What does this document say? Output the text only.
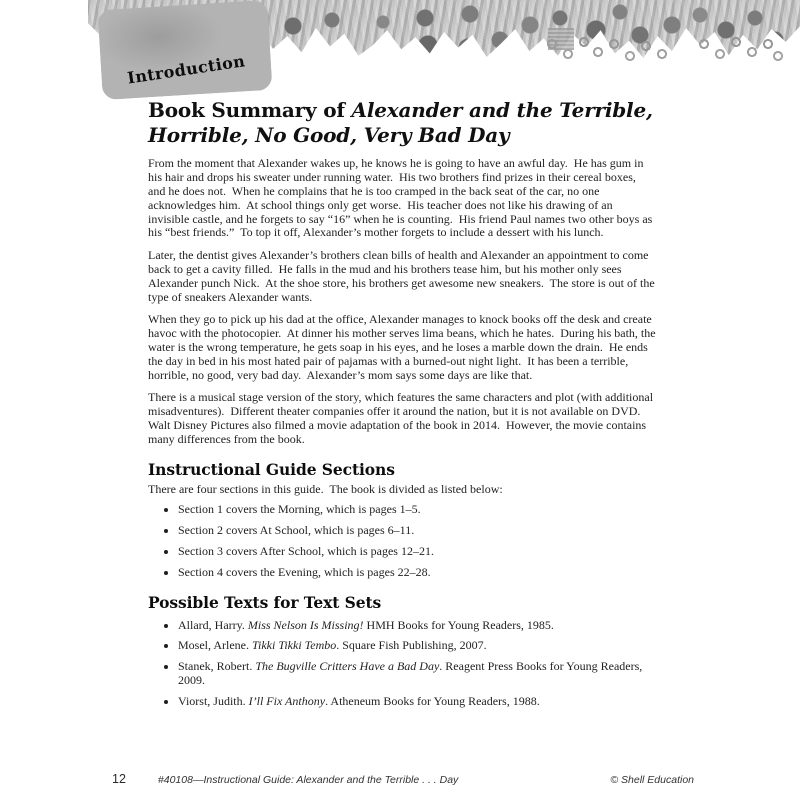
Introduction
Book Summary of Alexander and the Terrible, Horrible, No Good, Very Bad Day

From the moment that Alexander wakes up, he knows he is going to have an awful day.  He has gum in his hair and drops his sweater under running water.  His two brothers find prizes in their cereal boxes, and he does not.  When he complains that he is too cramped in the back seat of the car, no one acknowledges him.  At school things only get worse.  His teacher does not like his drawing of an invisible castle, and he forgets to say “16” when he is counting.  His friend Paul names two other boys as his “best friends.”  To top it off, Alexander’s mother forgets to include a dessert with his lunch.

Later, the dentist gives Alexander’s brothers clean bills of health and Alexander an appointment to come back to get a cavity filled.  He falls in the mud and his brothers tease him, but his mother only sees Alexander punch Nick.  At the shoe store, his brothers get awesome new sneakers.  The store is out of the type of sneakers Alexander wants.

When they go to pick up his dad at the office, Alexander manages to knock books off the desk and create havoc with the photocopier.  At dinner his mother serves lima beans, which he hates.  During his bath, the water is the wrong temperature, he gets soap in his eyes, and he loses a marble down the drain.  He ends the day in bed in his most hated pair of pajamas with a burned-out night light.  It has been a terrible, horrible, no good, very bad day.  Alexander’s mom says some days are like that.

There is a musical stage version of the story, which features the same characters and plot (with additional misadventures).  Different theater companies offer it around the nation, but it is not available on DVD.  Walt Disney Pictures also filmed a movie adaptation of the book in 2014.  However, the movie contains many differences from the book.

Instructional Guide Sections

There are four sections in this guide.  The book is divided as listed below:

• Section 1 covers the Morning, which is pages 1–5.
• Section 2 covers At School, which is pages 6–11.
• Section 3 covers After School, which is pages 12–21.
• Section 4 covers the Evening, which is pages 22–28.
Possible Texts for Text Sets
• Allard, Harry. Miss Nelson Is Missing! HMH Books for Young Readers, 1985.
• Mosel, Arlene. Tikki Tikki Tembo. Square Fish Publishing, 2007.
• Stanek, Robert. The Bugville Critters Have a Bad Day. Reagent Press Books for Young Readers, 2009.
• Viorst, Judith. I’ll Fix Anthony. Atheneum Books for Young Readers, 1988.
12	#40108—Instructional Guide: Alexander and the Terrible . . . Day	© Shell Education
